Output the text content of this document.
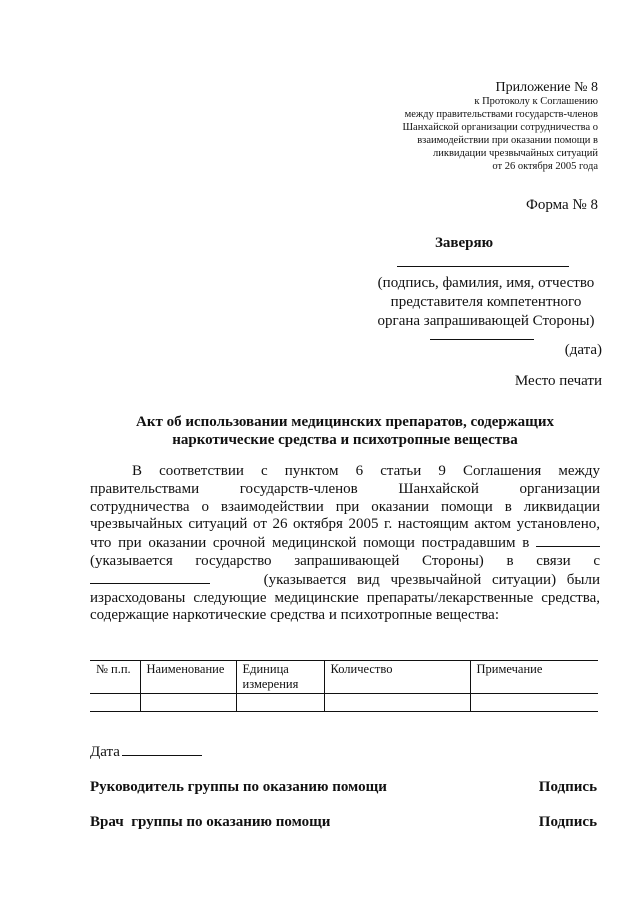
Приложение № 8
к Протоколу к Соглашению
между правительствами государств-членов
Шанхайской организации сотрудничества о
взаимодействии при оказании помощи в
ликвидации чрезвычайных ситуаций
от 26 октября 2005 года
Форма № 8
Заверяю
(подпись, фамилия, имя, отчество
представителя компетентного
органа запрашивающей Стороны)
(дата)
Место печати
Акт об использовании медицинских препаратов, содержащих
наркотические средства и психотропные вещества
В соответствии с пунктом 6 статьи 9 Соглашения между
правительствами государств-членов Шанхайской организации
сотрудничества о взаимодействии при оказании помощи в ликвидации
чрезвычайных ситуаций от 26 октября 2005 г. настоящим актом установлено,
что при оказании срочной медицинской помощи пострадавшим в
(указывается государство запрашивающей Стороны) в связи с
(указывается вид чрезвычайной ситуации) были
израсходованы следующие медицинские препараты/лекарственные средства,
содержащие наркотические средства и психотропные вещества:
№ п.п.	Наименование	Единица измерения	Количество	Примечание

Дата
Руководитель группы по оказанию помощи	Подпись
Врач  группы по оказанию помощи	Подпись
